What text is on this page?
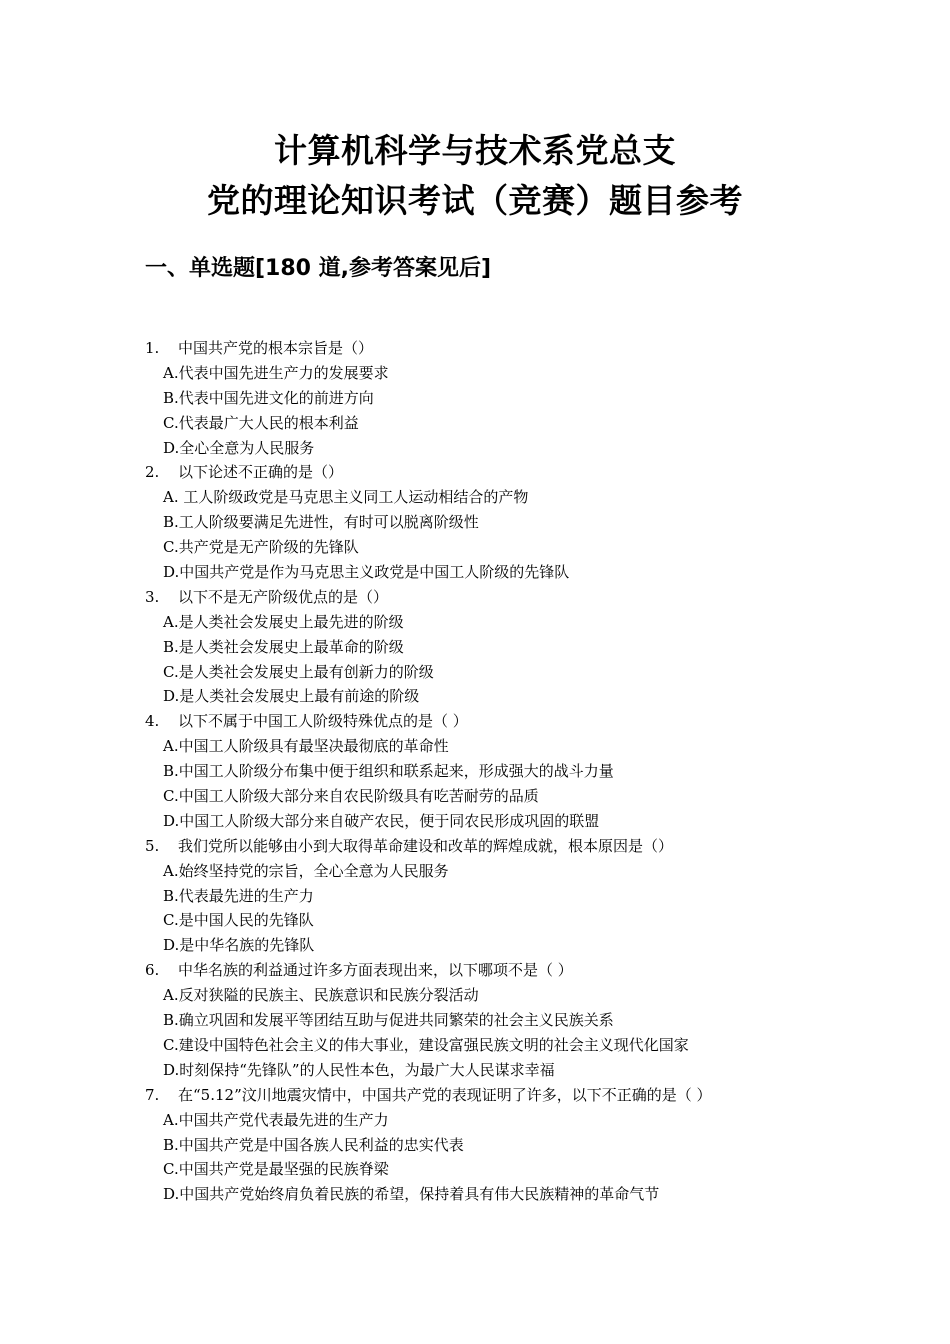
计算机科学与技术系党总支
党的理论知识考试（竞赛）题目参考
一、单选题[180 道,参考答案见后]
1. 中国共产党的根本宗旨是（）
A.代表中国先进生产力的发展要求
B.代表中国先进文化的前进方向
C.代表最广大人民的根本利益
D.全心全意为人民服务
2. 以下论述不正确的是（）
A. 工人阶级政党是马克思主义同工人运动相结合的产物
B.工人阶级要满足先进性，有时可以脱离阶级性
C.共产党是无产阶级的先锋队
D.中国共产党是作为马克思主义政党是中国工人阶级的先锋队
3. 以下不是无产阶级优点的是（）
A.是人类社会发展史上最先进的阶级
B.是人类社会发展史上最革命的阶级
C.是人类社会发展史上最有创新力的阶级
D.是人类社会发展史上最有前途的阶级
4. 以下不属于中国工人阶级特殊优点的是（ ）
A.中国工人阶级具有最坚决最彻底的革命性
B.中国工人阶级分布集中便于组织和联系起来，形成强大的战斗力量
C.中国工人阶级大部分来自农民阶级具有吃苦耐劳的品质
D.中国工人阶级大部分来自破产农民，便于同农民形成巩固的联盟
5. 我们党所以能够由小到大取得革命建设和改革的辉煌成就，根本原因是（）
A.始终坚持党的宗旨，全心全意为人民服务
B.代表最先进的生产力
C.是中国人民的先锋队
D.是中华名族的先锋队
6. 中华名族的利益通过许多方面表现出来，以下哪项不是（ ）
A.反对狭隘的民族主、民族意识和民族分裂活动
B.确立巩固和发展平等团结互助与促进共同繁荣的社会主义民族关系
C.建设中国特色社会主义的伟大事业，建设富强民族文明的社会主义现代化国家
D.时刻保持“先锋队”的人民性本色，为最广大人民谋求幸福
7. 在“5.12”汶川地震灾情中，中国共产党的表现证明了许多，以下不正确的是（ ）
A.中国共产党代表最先进的生产力
B.中国共产党是中国各族人民利益的忠实代表
C.中国共产党是最坚强的民族脊梁
D.中国共产党始终肩负着民族的希望，保持着具有伟大民族精神的革命气节
